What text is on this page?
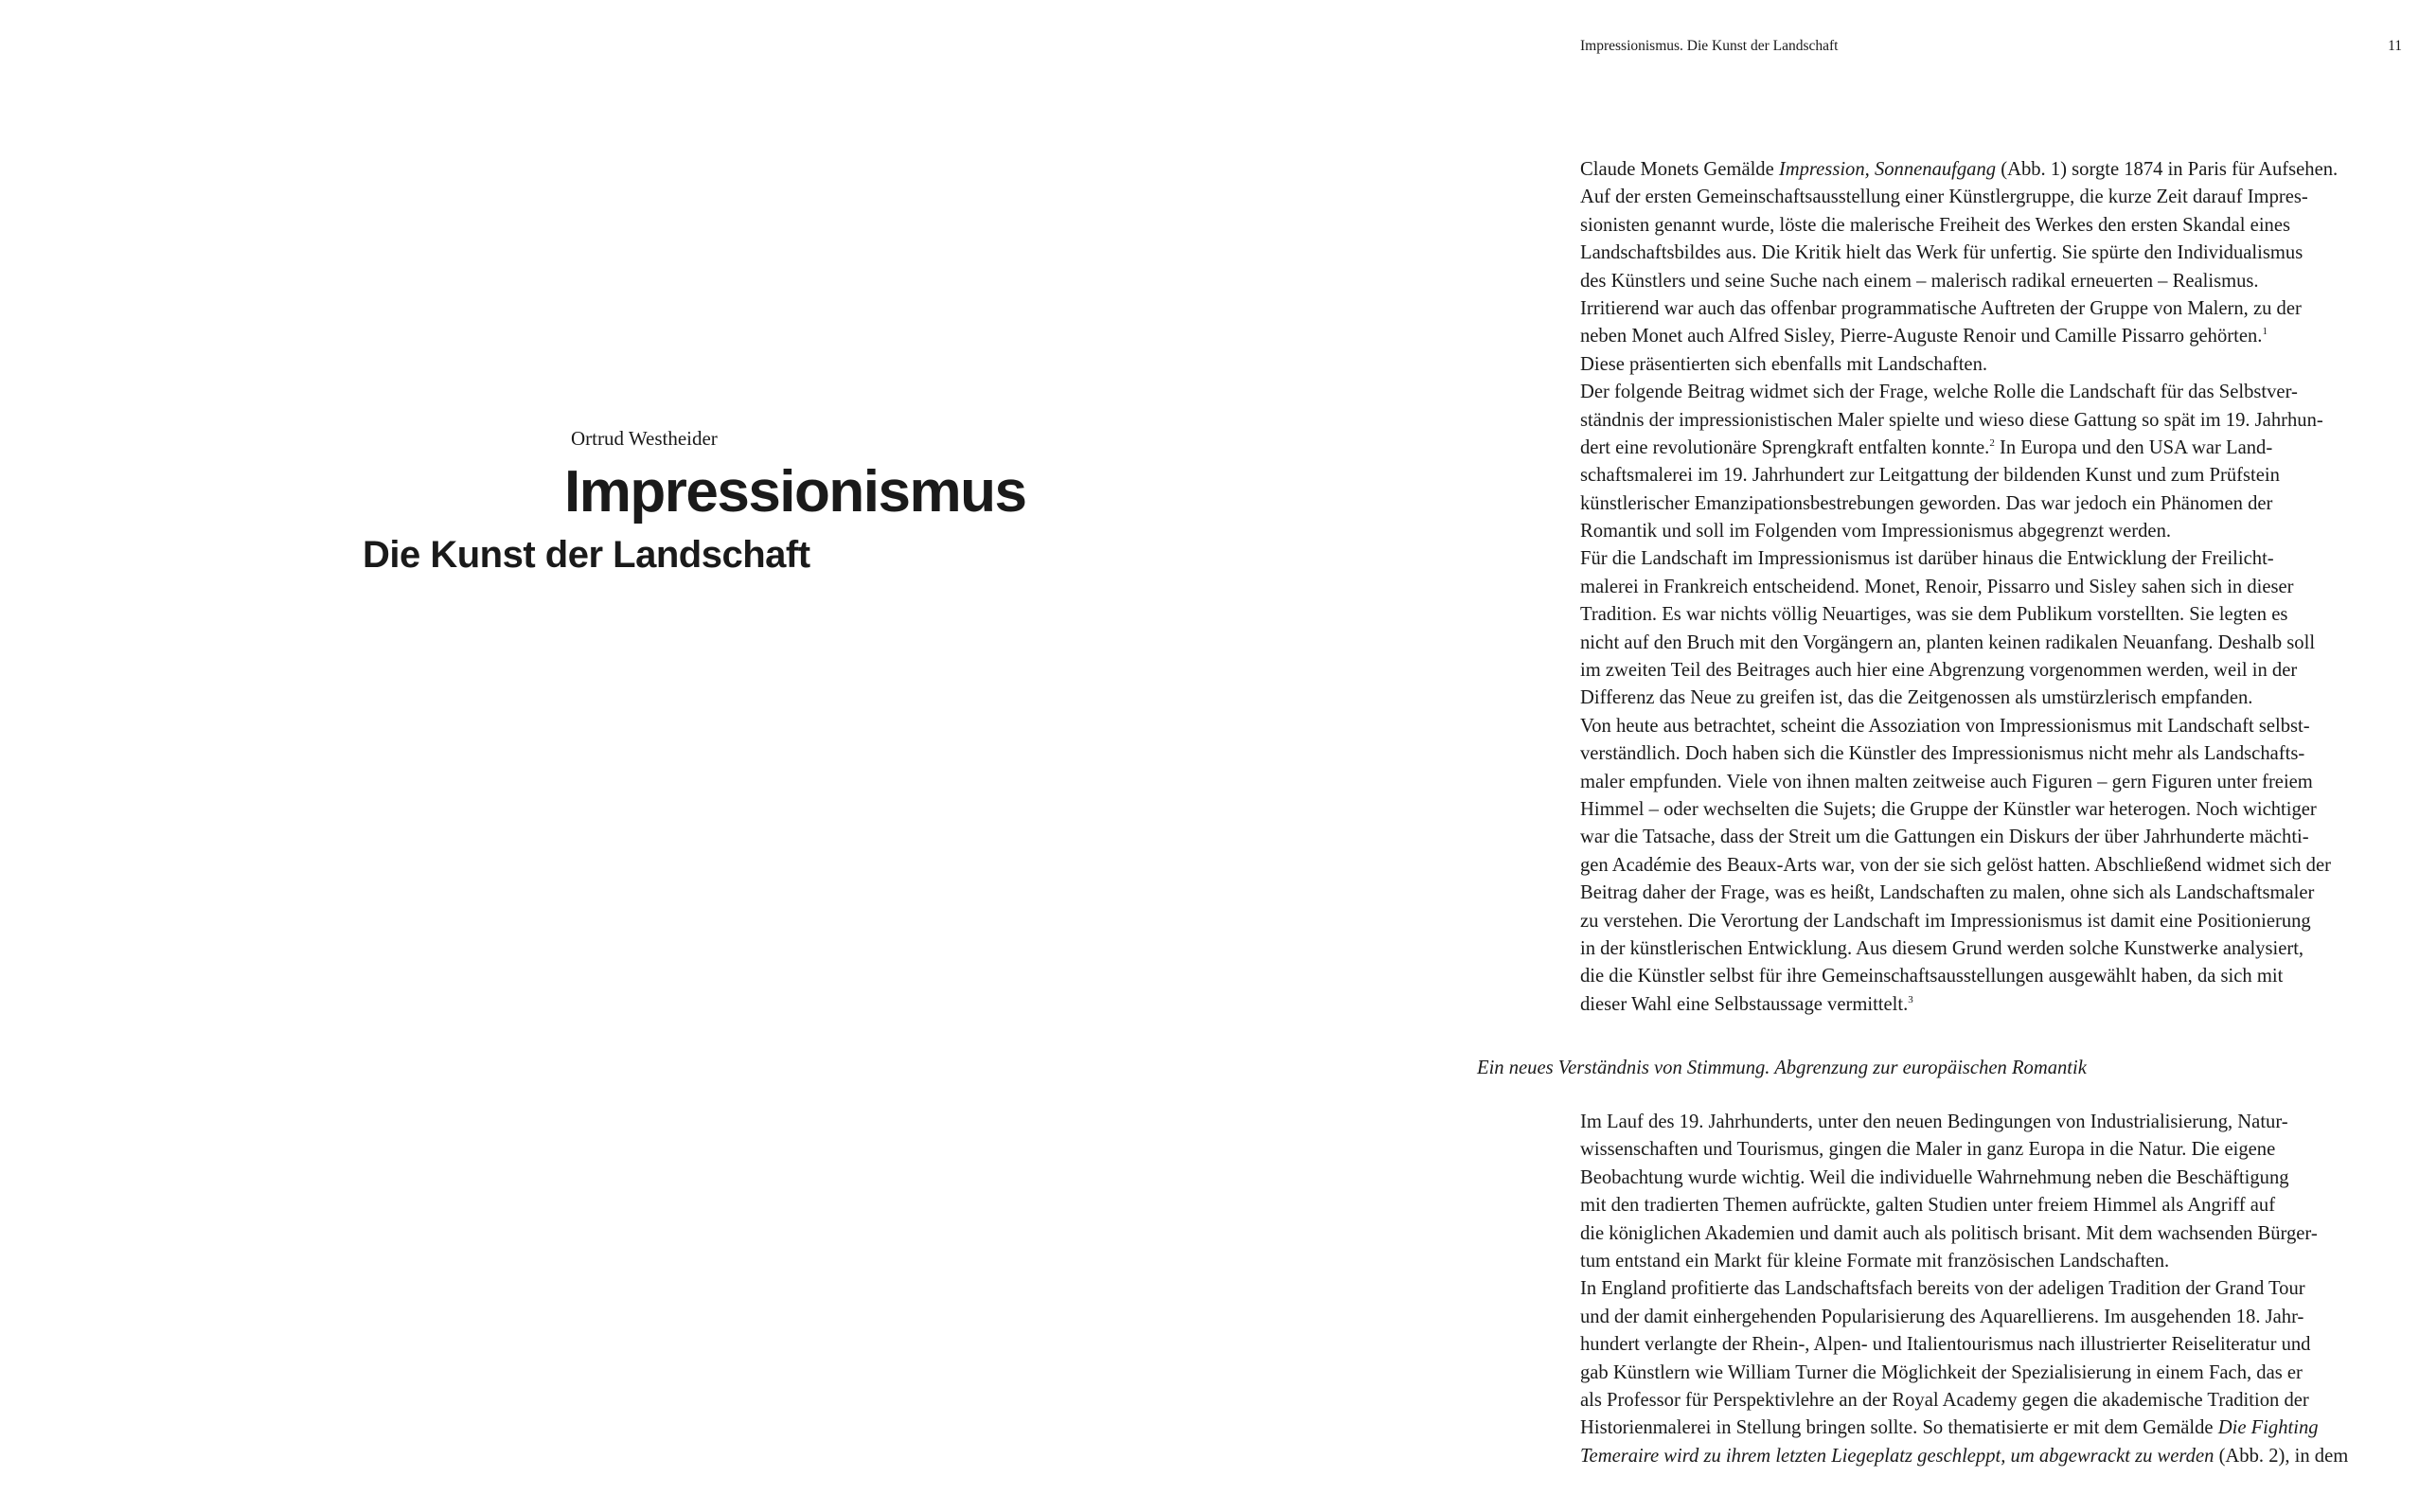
Ortrud Westheider

Impressionismus
Die Kunst der Landschaft
Impressionismus. Die Kunst der Landschaft	11
Claude Monets Gemälde Impression, Sonnenaufgang (Abb. 1) sorgte 1874 in Paris für Aufsehen.
Auf der ersten Gemeinschaftsausstellung einer Künstlergruppe, die kurze Zeit darauf Impres-
sionisten genannt wurde, löste die malerische Freiheit des Werkes den ersten Skandal eines
Landschaftsbildes aus. Die Kritik hielt das Werk für unfertig. Sie spürte den Individualismus
des Künstlers und seine Suche nach einem – malerisch radikal erneuerten – Realismus.
Irritierend war auch das offenbar programmatische Auftreten der Gruppe von Malern, zu der
neben Monet auch Alfred Sisley, Pierre-Auguste Renoir und Camille Pissarro gehörten.$^1$
Diese präsentierten sich ebenfalls mit Landschaften.
Der folgende Beitrag widmet sich der Frage, welche Rolle die Landschaft für das Selbstver-
ständnis der impressionistischen Maler spielte und wieso diese Gattung so spät im 19. Jahrhun-
dert eine revolutionäre Sprengkraft entfalten konnte.$^2$ In Europa und den USA war Land-
schaftsmalerei im 19. Jahrhundert zur Leitgattung der bildenden Kunst und zum Prüfstein
künstlerischer Emanzipationsbestrebungen geworden. Das war jedoch ein Phänomen der
Romantik und soll im Folgenden vom Impressionismus abgegrenzt werden.
Für die Landschaft im Impressionismus ist darüber hinaus die Entwicklung der Freilicht-
malerei in Frankreich entscheidend. Monet, Renoir, Pissarro und Sisley sahen sich in dieser
Tradition. Es war nichts völlig Neuartiges, was sie dem Publikum vorstellten. Sie legten es
nicht auf den Bruch mit den Vorgängern an, planten keinen radikalen Neuanfang. Deshalb soll
im zweiten Teil des Beitrages auch hier eine Abgrenzung vorgenommen werden, weil in der
Differenz das Neue zu greifen ist, das die Zeitgenossen als umstürzlerisch empfanden.
Von heute aus betrachtet, scheint die Assoziation von Impressionismus mit Landschaft selbst-
verständlich. Doch haben sich die Künstler des Impressionismus nicht mehr als Landschafts-
maler empfunden. Viele von ihnen malten zeitweise auch Figuren – gern Figuren unter freiem
Himmel – oder wechselten die Sujets; die Gruppe der Künstler war heterogen. Noch wichtiger
war die Tatsache, dass der Streit um die Gattungen ein Diskurs der über Jahrhunderte mächti-
gen Académie des Beaux-Arts war, von der sie sich gelöst hatten. Abschließend widmet sich der
Beitrag daher der Frage, was es heißt, Landschaften zu malen, ohne sich als Landschaftsmaler
zu verstehen. Die Verortung der Landschaft im Impressionismus ist damit eine Positionierung
in der künstlerischen Entwicklung. Aus diesem Grund werden solche Kunstwerke analysiert,
die die Künstler selbst für ihre Gemeinschaftsausstellungen ausgewählt haben, da sich mit
dieser Wahl eine Selbstaussage vermittelt.$^3$
Ein neues Verständnis von Stimmung. Abgrenzung zur europäischen Romantik
Im Lauf des 19. Jahrhunderts, unter den neuen Bedingungen von Industrialisierung, Natur-
wissenschaften und Tourismus, gingen die Maler in ganz Europa in die Natur. Die eigene
Beobachtung wurde wichtig. Weil die individuelle Wahrnehmung neben die Beschäftigung
mit den tradierten Themen aufrückte, galten Studien unter freiem Himmel als Angriff auf
die königlichen Akademien und damit auch als politisch brisant. Mit dem wachsenden Bürger-
tum entstand ein Markt für kleine Formate mit französischen Landschaften.
In England profitierte das Landschaftsfach bereits von der adeligen Tradition der Grand Tour
und der damit einhergehenden Popularisierung des Aquarellierens. Im ausgehenden 18. Jahr-
hundert verlangte der Rhein-, Alpen- und Italientourismus nach illustrierter Reiseliteratur und
gab Künstlern wie William Turner die Möglichkeit der Spezialisierung in einem Fach, das er
als Professor für Perspektivlehre an der Royal Academy gegen die akademische Tradition der
Historienmalerei in Stellung bringen sollte. So thematisierte er mit dem Gemälde Die Fighting
Temeraire wird zu ihrem letzten Liegeplatz geschleppt, um abgewrackt zu werden (Abb. 2), in dem
